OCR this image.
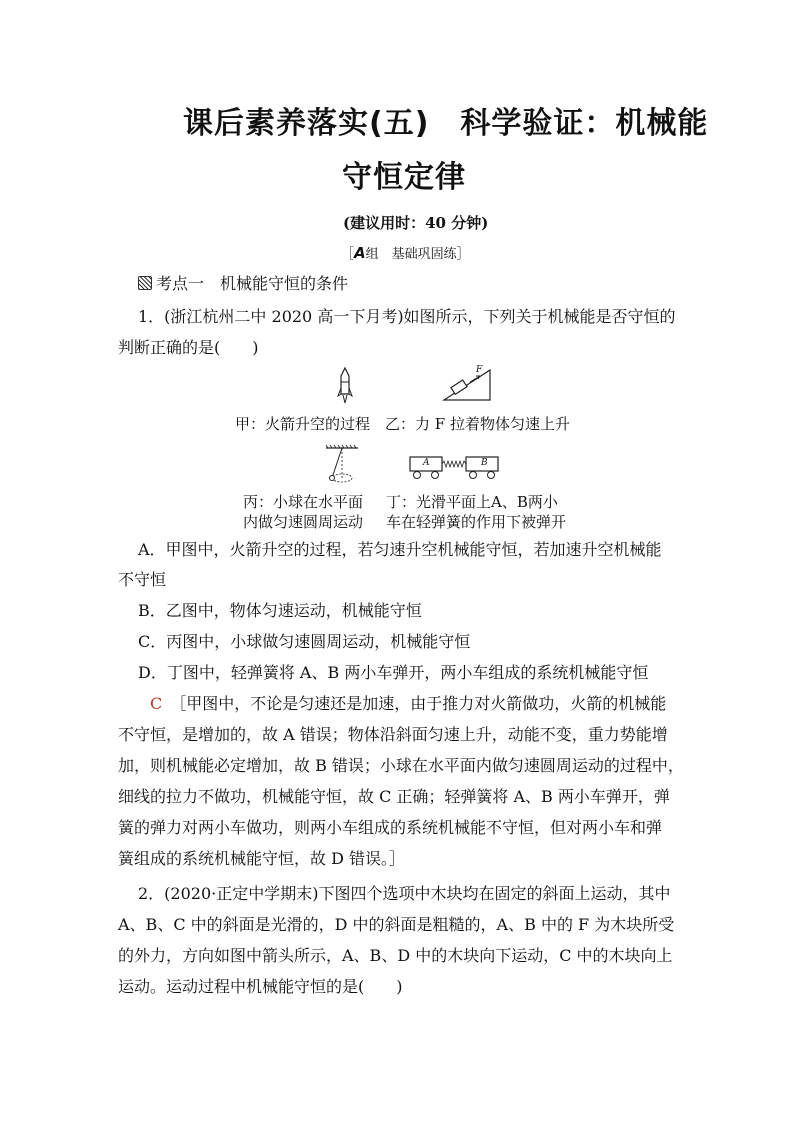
课后素养落实(五)　科学验证：机械能
守恒定律
(建议用时：40 分钟)
［A组　基础巩固练］
考点一　机械能守恒的条件
1．(浙江杭州二中 2020 高一下月考)如图所示，下列关于机械能是否守恒的
判断正确的是(　　)
F
甲：火箭升空的过程　乙：力 F 拉着物体匀速上升
A	B
丙：小球在水平面
内做匀速圆周运动
丁：光滑平面上A、B两小
车在轻弹簧的作用下被弹开
A．甲图中，火箭升空的过程，若匀速升空机械能守恒，若加速升空机械能
不守恒
B．乙图中，物体匀速运动，机械能守恒
C．丙图中，小球做匀速圆周运动，机械能守恒
D．丁图中，轻弹簧将 A、B 两小车弹开，两小车组成的系统机械能守恒
C　 ［甲图中，不论是匀速还是加速，由于推力对火箭做功，火箭的机械能
不守恒，是增加的，故 A 错误；物体沿斜面匀速上升，动能不变，重力势能增
加，则机械能必定增加，故 B 错误；小球在水平面内做匀速圆周运动的过程中，
细线的拉力不做功，机械能守恒，故 C 正确；轻弹簧将 A、B 两小车弹开，弹
簧的弹力对两小车做功，则两小车组成的系统机械能不守恒，但对两小车和弹
簧组成的系统机械能守恒，故 D 错误。］
2．(2020·正定中学期末)下图四个选项中木块均在固定的斜面上运动，其中
A、B、C 中的斜面是光滑的，D 中的斜面是粗糙的，A、B 中的 F 为木块所受
的外力，方向如图中箭头所示，A、B、D 中的木块向下运动，C 中的木块向上
运动。运动过程中机械能守恒的是(　　)
